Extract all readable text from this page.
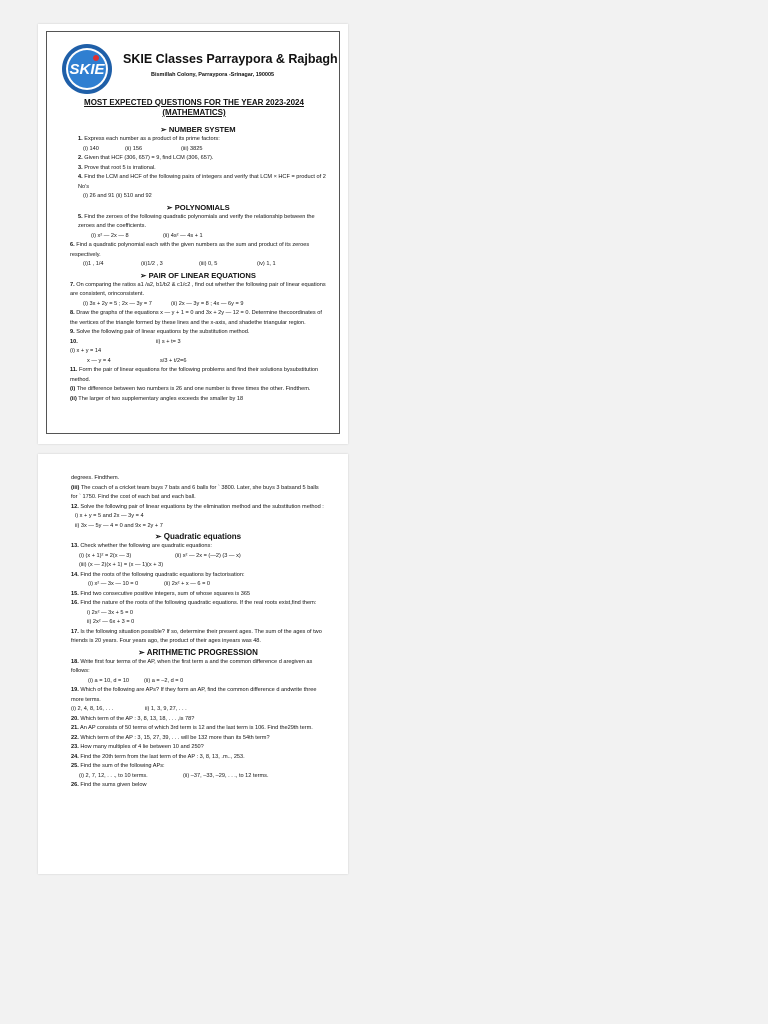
SKIE
SKIE Classes Parraypora & Rajbagh
Bismillah Colony, Parraypora -Srinagar, 190005
MOST EXPECTED QUESTIONS FOR THE YEAR 2023-2024
(MATHEMATICS)

➢ NUMBER SYSTEM

1. Express each number as a product of its prime factors:

(i) 140	(ii) 156	(iii) 3825

2. Given that HCF (306, 657) = 9, find LCM (306, 657).

3. Prove that root 5 is irrational.

4. Find the LCM and HCF of the following pairs of integers and verify that LCM × HCF = product of 2 No’s

(i) 26 and 91 (ii) 510 and 92

➢ POLYNOMIALS

5. Find the zeroes of the following quadratic polynomials and verify the relationship between the zeroes and the coefficients.

(i) x² — 2x — 8	(ii) 4s² — 4s + 1

6. Find a quadratic polynomial each with the given numbers as the sum and product of its zeroes respectively.

(i)1 , 1/4	(ii)1/2 , 3	(iii) 0, 5	(iv) 1, 1

➢ PAIR OF LINEAR EQUATIONS

7. On comparing the ratios a1 /a2, b1/b2 & c1/c2 , find out whether the following pair of linear equations are consistent, orinconsistent.

(i) 3x + 2y = 5 ; 2x — 3y = 7	(ii) 2x — 3y = 8 ; 4x — 6y = 9

8. Draw the graphs of the equations x — y + 1 = 0 and 3x + 2y — 12 = 0. Determine thecoordinates of the vertices of the triangle formed by these lines and the x-axis, and shadethe triangular region.

9. Solve the following pair of linear equations by the substitution method.

10.
(i) x + y = 14
ii) s + t= 3
x — y = 4	s/3 + t/2=6

11. Form the pair of linear equations for the following problems and find their solutions bysubstitution method.

(i) The difference between two numbers is 26 and one number is three times the other. Findthem.

(ii) The larger of two supplementary angles exceeds the smaller by 18

degrees. Findthem.

(iii) The coach of a cricket team buys 7 bats and 6 balls for ` 3800. Later, she buys 3 batsand 5 balls for ` 1750. Find the cost of each bat and each ball.

12. Solve the following pair of linear equations by the elimination method and the substitution method :

i) x + y = 5 and 2x — 3y = 4

ii) 3x — 5y — 4 = 0 and 9x = 2y + 7

➢ Quadratic equations

13. Check whether the following are quadratic equations:

(i) (x + 1)² = 2(x — 3)	(ii) x² — 2x = (—2) (3 — x)

(iii) (x — 2)(x + 1) = (x — 1)(x + 3)

14. Find the roots of the following quadratic equations by factorisation:

(i) x² — 3x — 10 = 0	(ii) 2x² + x — 6 = 0

15. Find two consecutive positive integers, sum of whose squares is 365

16. Find the nature of the roots of the following quadratic equations. If the real roots exist,find them:

i) 2x² — 3x + 5 = 0

ii) 2x² — 6x + 3 = 0

17. Is the following situation possible? If so, determine their present ages. The sum of the ages of two friends is 20 years. Four years ago, the product of their ages inyears was 48.

➢ ARITHMETIC PROGRESSION

18. Write first four terms of the AP, when the first term a and the common difference d aregiven as follows:

(i) a = 10, d = 10	(ii) a = –2, d = 0

19. Which of the following are APs? If they form an AP, find the common difference d andwrite three more terms.

(i) 2, 4, 8, 16, . . .	ii) 1, 3, 9, 27, . . .

20. Which term of the AP : 3, 8, 13, 18, . . . ,is 78?

21. An AP consists of 50 terms of which 3rd term is 12 and the last term is 106. Find the29th term.

22. Which term of the AP : 3, 15, 27, 39, . . . will be 132 more than its 54th term?

23. How many multiples of 4 lie between 10 and 250?

24. Find the 20th term from the last term of the AP : 3, 8, 13, .m.., 253.

25. Find the sum of the following APs:

(i) 2, 7, 12, . . ., to 10 terms.	(ii) –37, –33, –29, . . ., to 12 terms.

26. Find the sums given below
